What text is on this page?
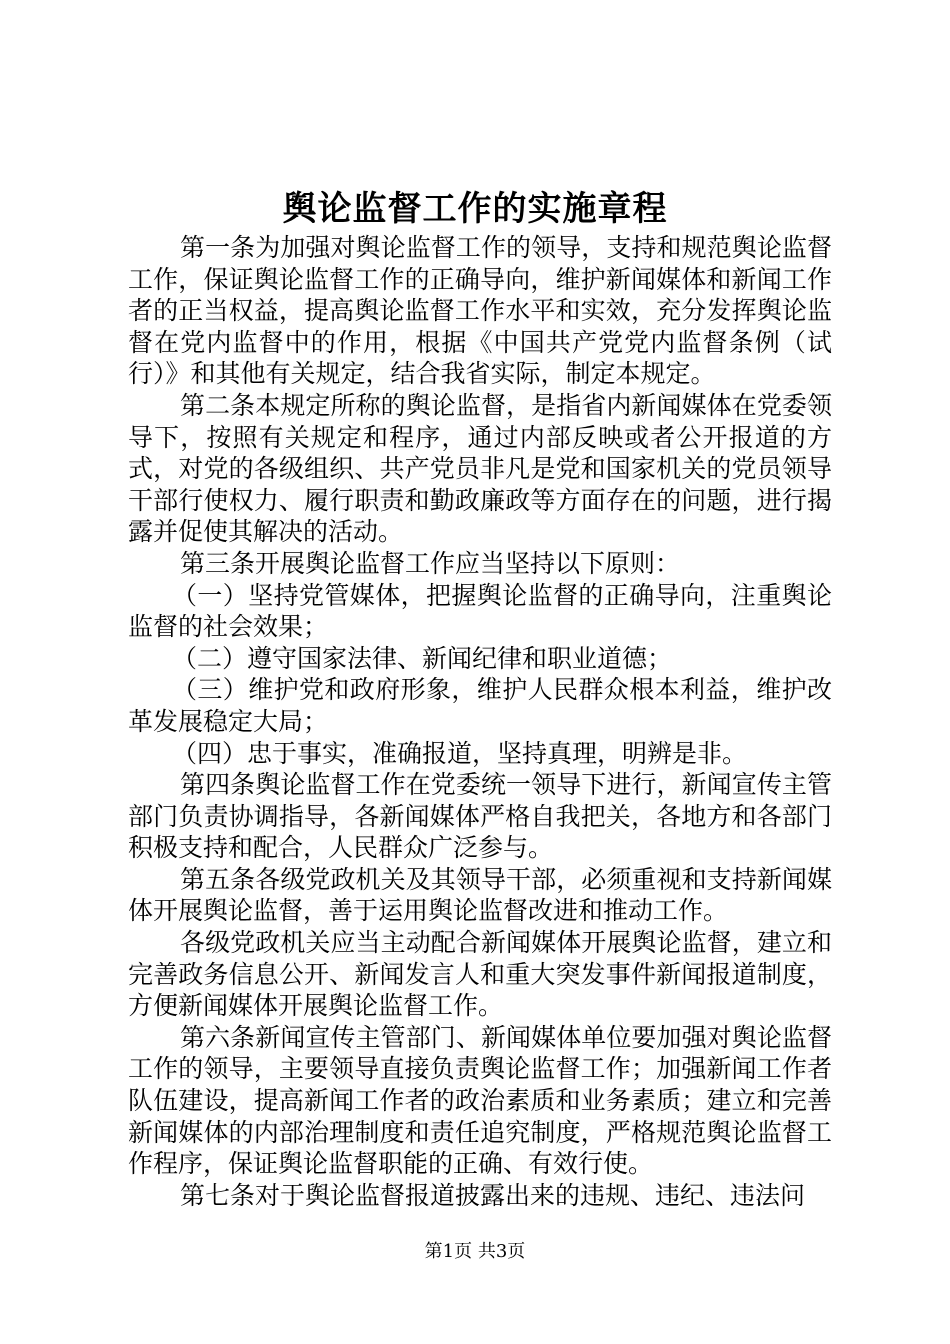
舆论监督工作的实施章程

第一条为加强对舆论监督工作的领导，支持和规范舆论监督工作，保证舆论监督工作的正确导向，维护新闻媒体和新闻工作者的正当权益，提高舆论监督工作水平和实效，充分发挥舆论监督在党内监督中的作用，根据《中国共产党党内监督条例（试行）》和其他有关规定，结合我省实际，制定本规定。

第二条本规定所称的舆论监督，是指省内新闻媒体在党委领导下，按照有关规定和程序，通过内部反映或者公开报道的方式，对党的各级组织、共产党员非凡是党和国家机关的党员领导干部行使权力、履行职责和勤政廉政等方面存在的问题，进行揭露并促使其解决的活动。

第三条开展舆论监督工作应当坚持以下原则：

（一）坚持党管媒体，把握舆论监督的正确导向，注重舆论监督的社会效果；

（二）遵守国家法律、新闻纪律和职业道德；

（三）维护党和政府形象，维护人民群众根本利益，维护改革发展稳定大局；

（四）忠于事实，准确报道，坚持真理，明辨是非。

第四条舆论监督工作在党委统一领导下进行，新闻宣传主管部门负责协调指导，各新闻媒体严格自我把关，各地方和各部门积极支持和配合，人民群众广泛参与。

第五条各级党政机关及其领导干部，必须重视和支持新闻媒体开展舆论监督，善于运用舆论监督改进和推动工作。

各级党政机关应当主动配合新闻媒体开展舆论监督，建立和完善政务信息公开、新闻发言人和重大突发事件新闻报道制度，方便新闻媒体开展舆论监督工作。

第六条新闻宣传主管部门、新闻媒体单位要加强对舆论监督工作的领导，主要领导直接负责舆论监督工作；加强新闻工作者队伍建设，提高新闻工作者的政治素质和业务素质；建立和完善新闻媒体的内部治理制度和责任追究制度，严格规范舆论监督工作程序，保证舆论监督职能的正确、有效行使。

第七条对于舆论监督报道披露出来的违规、违纪、违法问

第1页 共3页
